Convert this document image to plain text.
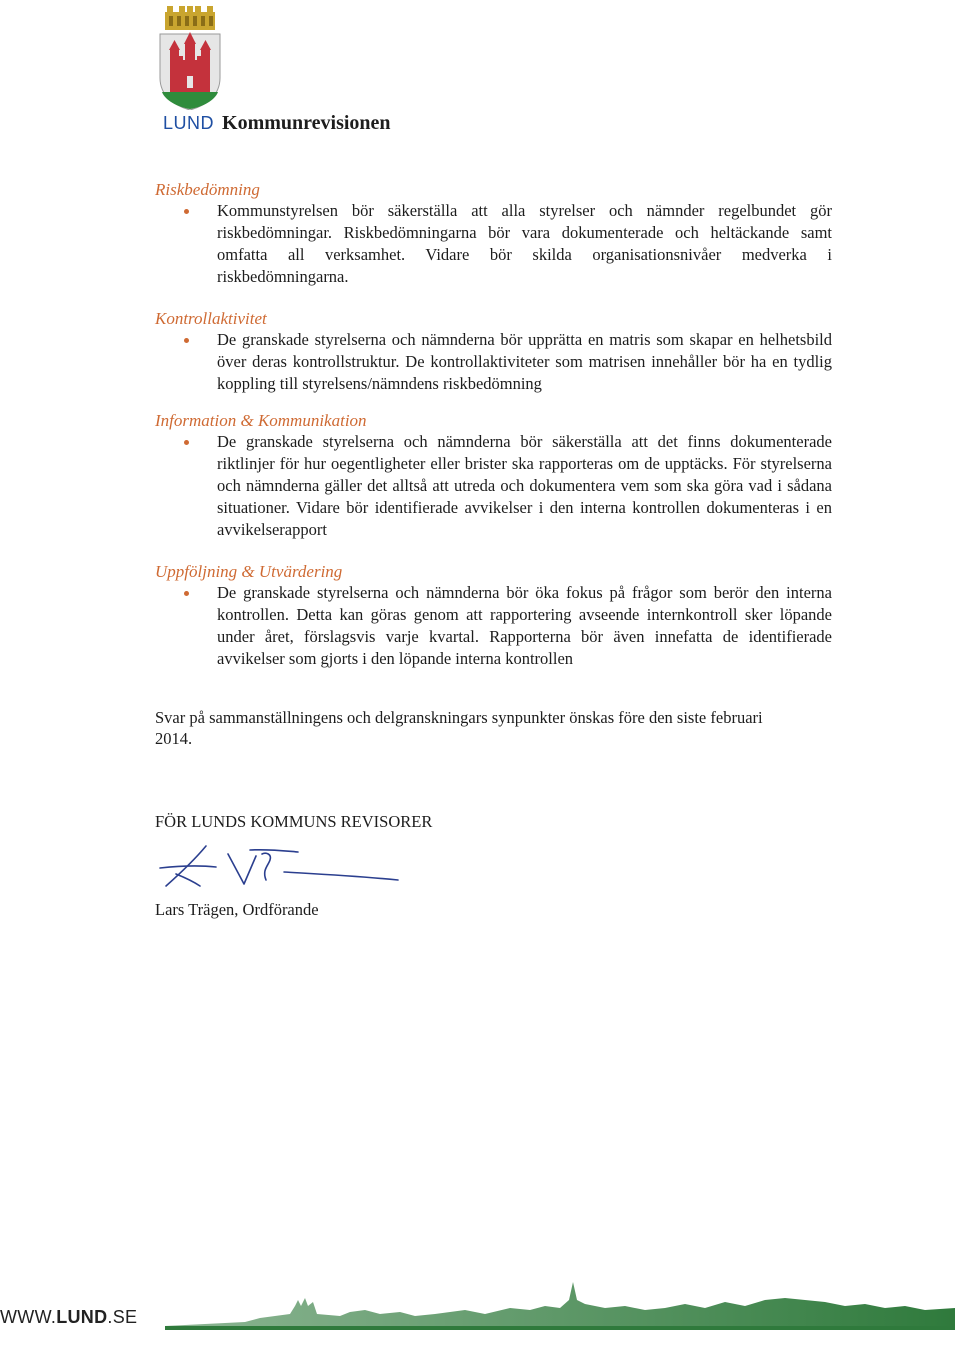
LUND Kommunrevisionen
Riskbedömning
Kommunstyrelsen bör säkerställa att alla styrelser och nämnder regelbundet gör riskbedömningar. Riskbedömningarna bör vara dokumenterade och heltäckande samt omfatta all verksamhet. Vidare bör skilda organisationsnivåer medverka i riskbedömningarna.
Kontrollaktivitet
De granskade styrelserna och nämnderna bör upprätta en matris som skapar en helhetsbild över deras kontrollstruktur. De kontrollaktiviteter som matrisen innehåller bör ha en tydlig koppling till styrelsens/nämndens riskbedömning
Information & Kommunikation
De granskade styrelserna och nämnderna bör säkerställa att det finns dokumenterade riktlinjer för hur oegentligheter eller brister ska rapporteras om de upptäcks. För styrelserna och nämnderna gäller det alltså att utreda och dokumentera vem som ska göra vad i sådana situationer. Vidare bör identifierade avvikelser i den interna kontrollen dokumenteras i en avvikelserapport
Uppföljning & Utvärdering
De granskade styrelserna och nämnderna bör öka fokus på frågor som berör den interna kontrollen. Detta kan göras genom att rapportering avseende internkontroll sker löpande under året, förslagsvis varje kvartal. Rapporterna bör även innefatta de identifierade avvikelser som gjorts i den löpande interna kontrollen
Svar på sammanställningens och delgranskningars synpunkter önskas före den siste februari 2014.
FÖR LUNDS KOMMUNS REVISORER
Lars Trägen, Ordförande
WWW.LUND.SE
